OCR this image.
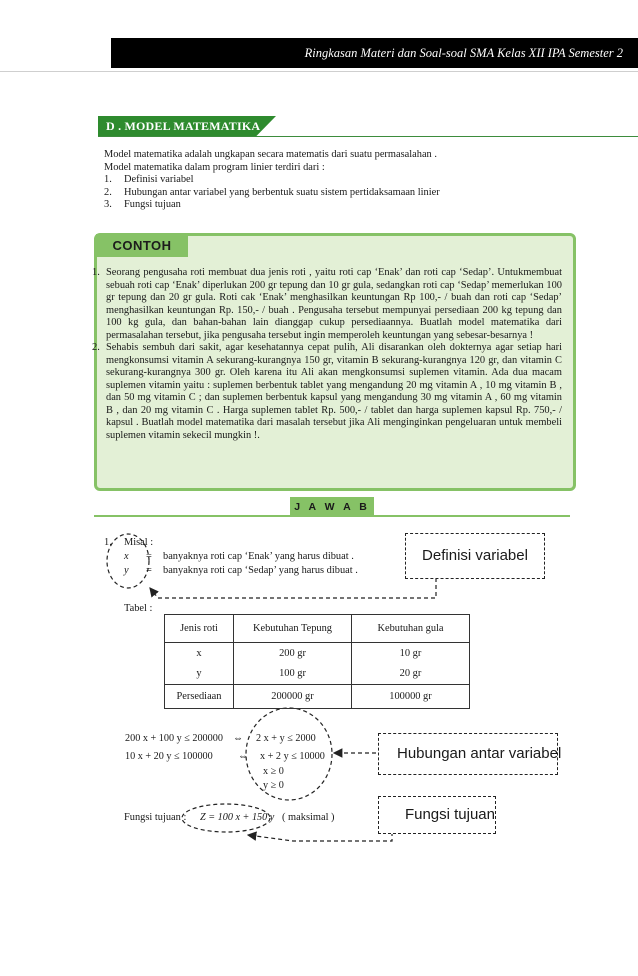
Ringkasan Materi dan Soal-soal SMA Kelas XII IPA Semester 2
D . MODEL MATEMATIKA

Model matematika adalah ungkapan secara matematis dari suatu permasalahan .

Model matematika dalam program linier terdiri dari :

1. Definisi variabel
2. Hubungan antar variabel yang berbentuk suatu sistem pertidaksamaan linier
3. Fungsi tujuan
CONTOH
1. Seorang pengusaha roti membuat dua jenis roti , yaitu roti cap ‘Enak’ dan roti cap ‘Sedap’. Untukmembuat sebuah roti cap ‘Enak’ diperlukan 200 gr tepung dan 10 gr gula, sedangkan roti cap ‘Sedap’ memerlukan 100 gr tepung dan 20 gr gula. Roti cak ‘Enak’ menghasilkan keuntungan Rp 100,- / buah dan roti cap ‘Sedap’ menghasilkan keuntungan Rp. 150,- / buah . Pengusaha tersebut mempunyai persediaan 200 kg tepung dan 100 kg gula, dan bahan-bahan lain dianggap cukup persediaannya. Buatlah model matematika dari permasalahan tersebut, jika pengusaha tersebut ingin memperoleh keuntungan yang sebesar-besarnya !
2. Sehabis sembuh dari sakit, agar kesehatannya cepat pulih, Ali disarankan oleh dokternya agar setiap hari mengkonsumsi vitamin A sekurang-kurangnya 150 gr, vitamin B sekurang-kurangnya 120 gr, dan vitamin C sekurang-kurangnya 300 gr. Oleh karena itu Ali akan mengkonsumsi suplemen vitamin. Ada dua macam suplemen vitamin yaitu : suplemen berbentuk tablet yang mengandung 20 mg vitamin A , 10 mg vitamin B , dan 50 mg vitamin C ; dan suplemen berbentuk kapsul yang mengandung 30 mg vitamin A , 60 mg vitamin B , dan 20 mg vitamin C . Harga suplemen tablet Rp. 500,- / tablet dan harga suplemen kapsul Rp. 750,- / kapsul . Buatlah model matematika dari masalah tersebut jika Ali menginginkan pengeluaran untuk membeli suplemen vitamin sekecil mungkin !.
J A W A B
1. Misal :
x = banyaknya roti cap ‘Enak’ yang harus dibuat .
y = banyaknya roti cap ‘Sedap’ yang harus dibuat .
Definisi variabel
Tabel :
Jenis roti	Kebutuhan Tepung	Kebutuhan gula
x	200 gr	10 gr
y	100 gr	20 gr
Persediaan	200000 gr	100000 gr
200 x + 100 y ≤ 200000
10 x + 20 y ≤ 100000
⇔
⇔
2 x + y ≤ 2000
x + 2 y ≤ 10000
x ≥ 0
y ≥ 0
Hubungan antar variabel
Fungsi tujuan : Z = 100 x + 150 y ( maksimal )	Fungsi tujuan
